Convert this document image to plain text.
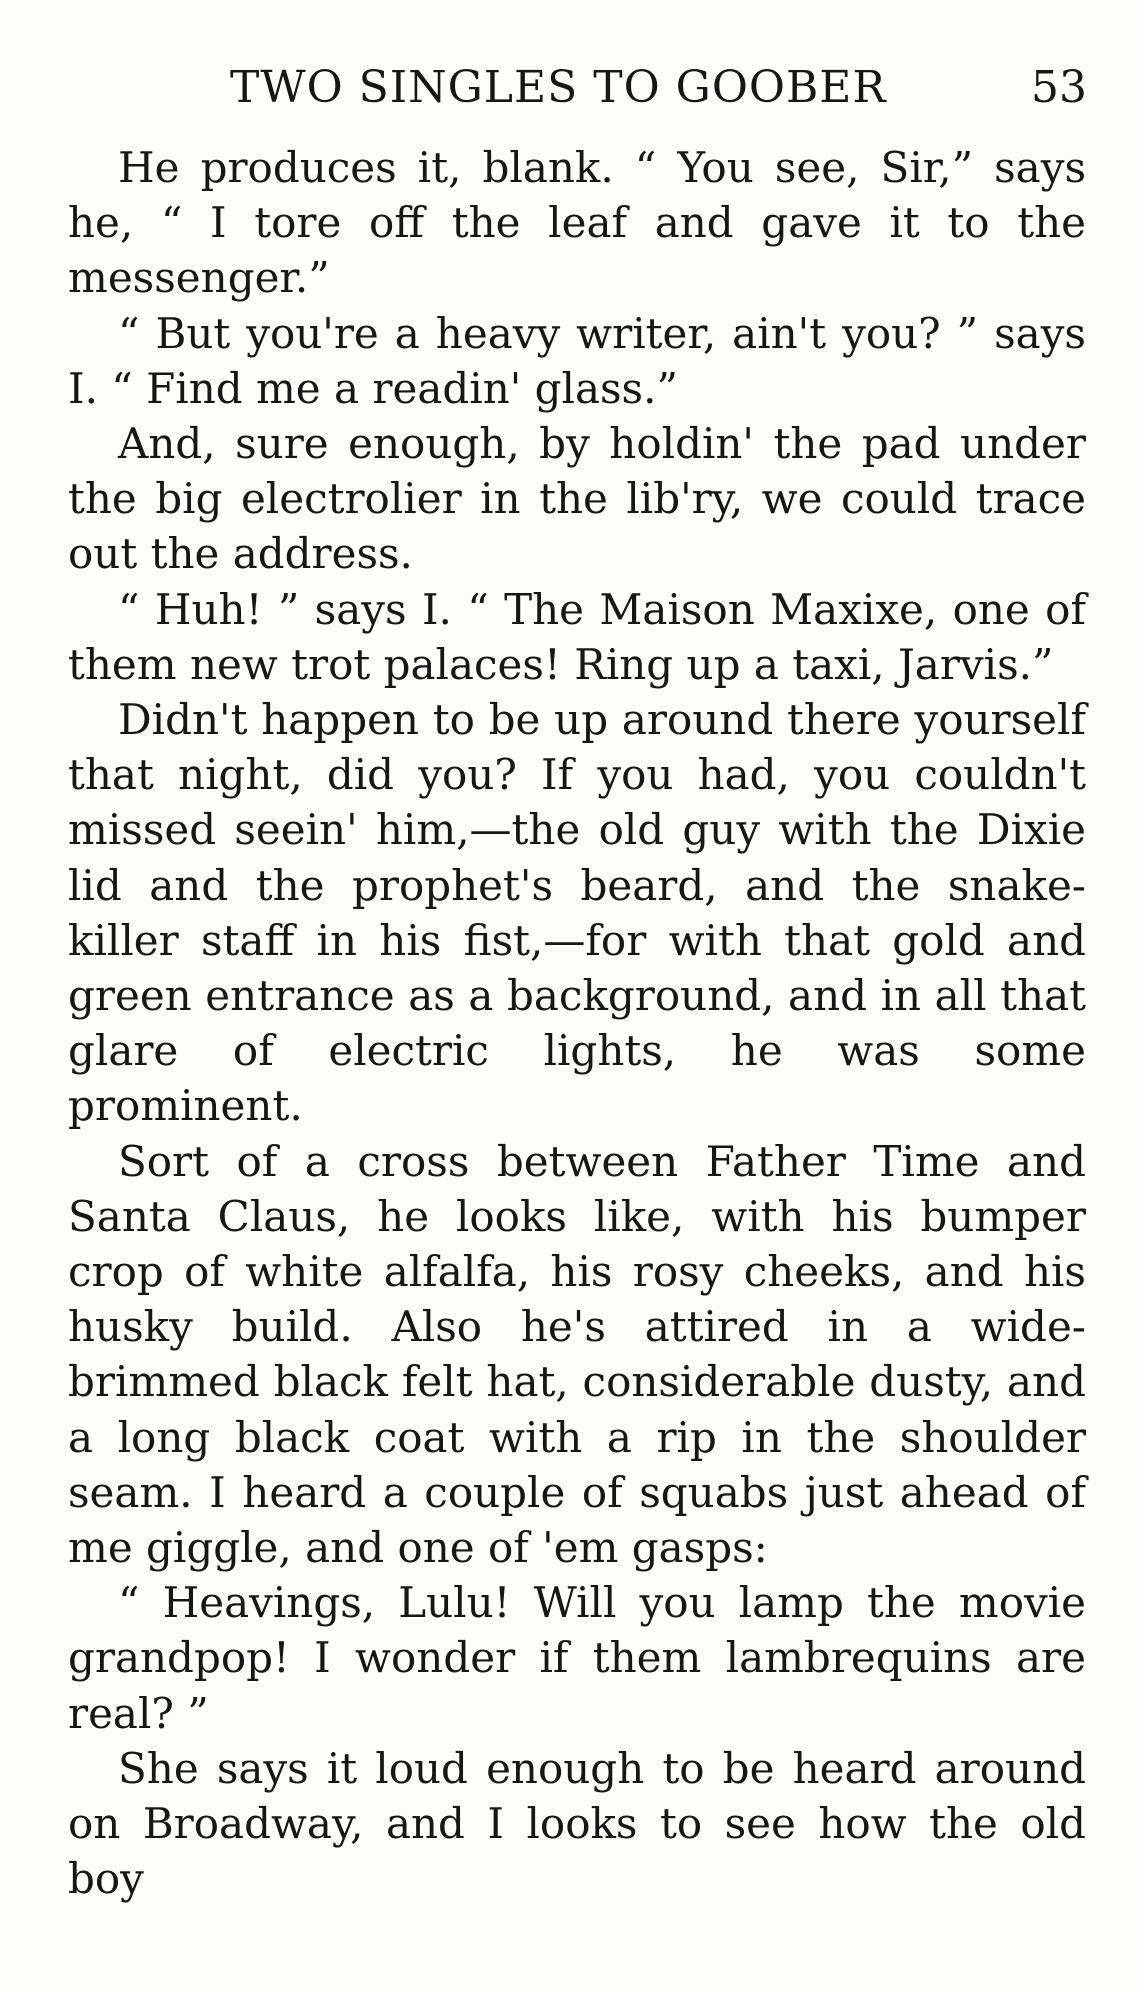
TWO SINGLES TO GOOBER	53

He produces it, blank. “ You see, Sir,” says he, “ I tore off the leaf and gave it to the messenger.”

“ But you're a heavy writer, ain't you? ” says I. “ Find me a readin' glass.”

And, sure enough, by holdin' the pad under the big electrolier in the lib'ry, we could trace out the address.

“ Huh! ” says I. “ The Maison Maxixe, one of them new trot palaces! Ring up a taxi, Jarvis.”

Didn't happen to be up around there yourself that night, did you? If you had, you couldn't missed seein' him,—the old guy with the Dixie lid and the prophet's beard, and the snake-killer staff in his fist,—for with that gold and green entrance as a background, and in all that glare of electric lights, he was some prominent.

Sort of a cross between Father Time and Santa Claus, he looks like, with his bumper crop of white alfalfa, his rosy cheeks, and his husky build. Also he's attired in a wide-brimmed black felt hat, considerable dusty, and a long black coat with a rip in the shoulder seam. I heard a couple of squabs just ahead of me giggle, and one of 'em gasps:

“ Heavings, Lulu! Will you lamp the movie grandpop! I wonder if them lambrequins are real? ”

She says it loud enough to be heard around on Broadway, and I looks to see how the old boy
